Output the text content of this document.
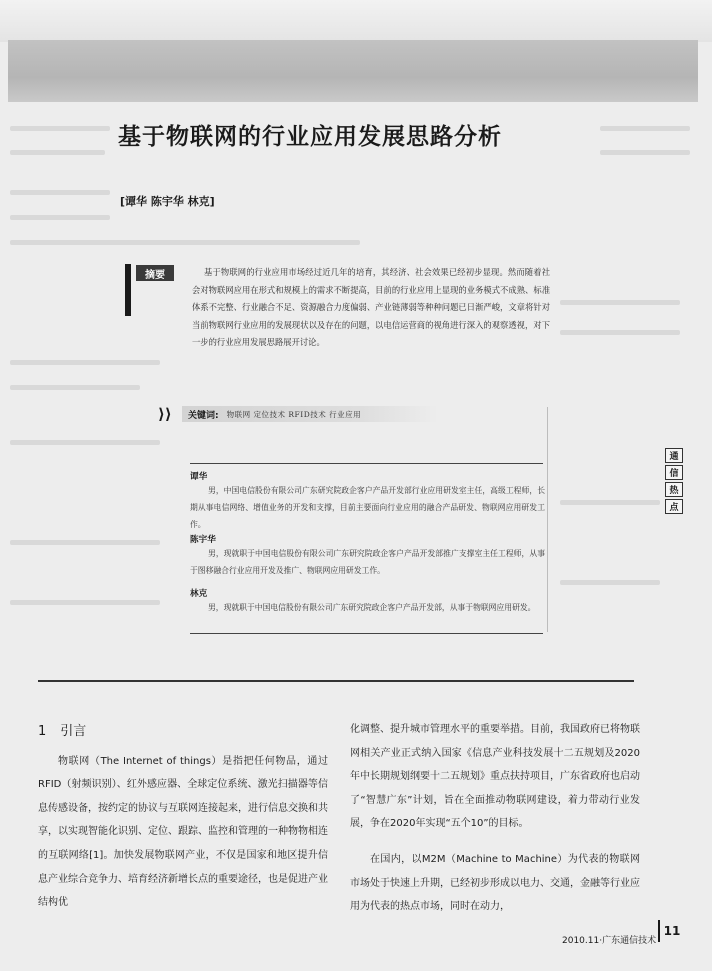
基于物联网的行业应用发展思路分析
[谭华 陈宇华 林克]
摘要	基于物联网的行业应用市场经过近几年的培育，其经济、社会效果已经初步显现。然而随着社会对物联网应用在形式和规模上的需求不断提高，目前的行业应用上显现的业务模式不成熟、标准体系不完整、行业融合不足、资源融合力度偏弱、产业链薄弱等种种问题已日渐严峻，文章将针对当前物联网行业应用的发展现状以及存在的问题，以电信运营商的视角进行深入的观察透视，对下一步的行业应用发展思路展开讨论。
⟩⟩	关键词: 物联网 定位技术 RFID技术 行业应用
谭华
男，中国电信股份有限公司广东研究院政企客户产品开发部行业应用研发室主任，高级工程师，长期从事电信网络、增值业务的开发和支撑，目前主要面向行业应用的融合产品研发、物联网应用研发工作。
陈宇华
男，现就职于中国电信股份有限公司广东研究院政企客户产品开发部推广支撑室主任工程师，从事于图移融合行业应用开发及推广、物联网应用研发工作。
林克
男，现就职于中国电信股份有限公司广东研究院政企客户产品开发部，从事于物联网应用研发。
通
信
热
点
1 引言
物联网（The Internet of things）是指把任何物品，通过RFID（射频识别）、红外感应器、全球定位系统、激光扫描器等信息传感设备，按约定的协议与互联网连接起来，进行信息交换和共享，以实现智能化识别、定位、跟踪、监控和管理的一种物物相连的互联网络[1]。加快发展物联网产业，不仅是国家和地区提升信息产业综合竞争力、培育经济新增长点的重要途径，也是促进产业结构优
化调整、提升城市管理水平的重要举措。目前，我国政府已将物联网相关产业正式纳入国家《信息产业科技发展十二五规划及2020年中长期规划纲要十二五规划》重点扶持项目，广东省政府也启动了“智慧广东”计划，旨在全面推动物联网建设，着力带动行业发展，争在2020年实现“五个10”的目标。
在国内，以M2M（Machine to Machine）为代表的物联网市场处于快速上升期，已经初步形成以电力、交通，金融等行业应用为代表的热点市场，同时在动力，
2010.11·广东通信技术
11
